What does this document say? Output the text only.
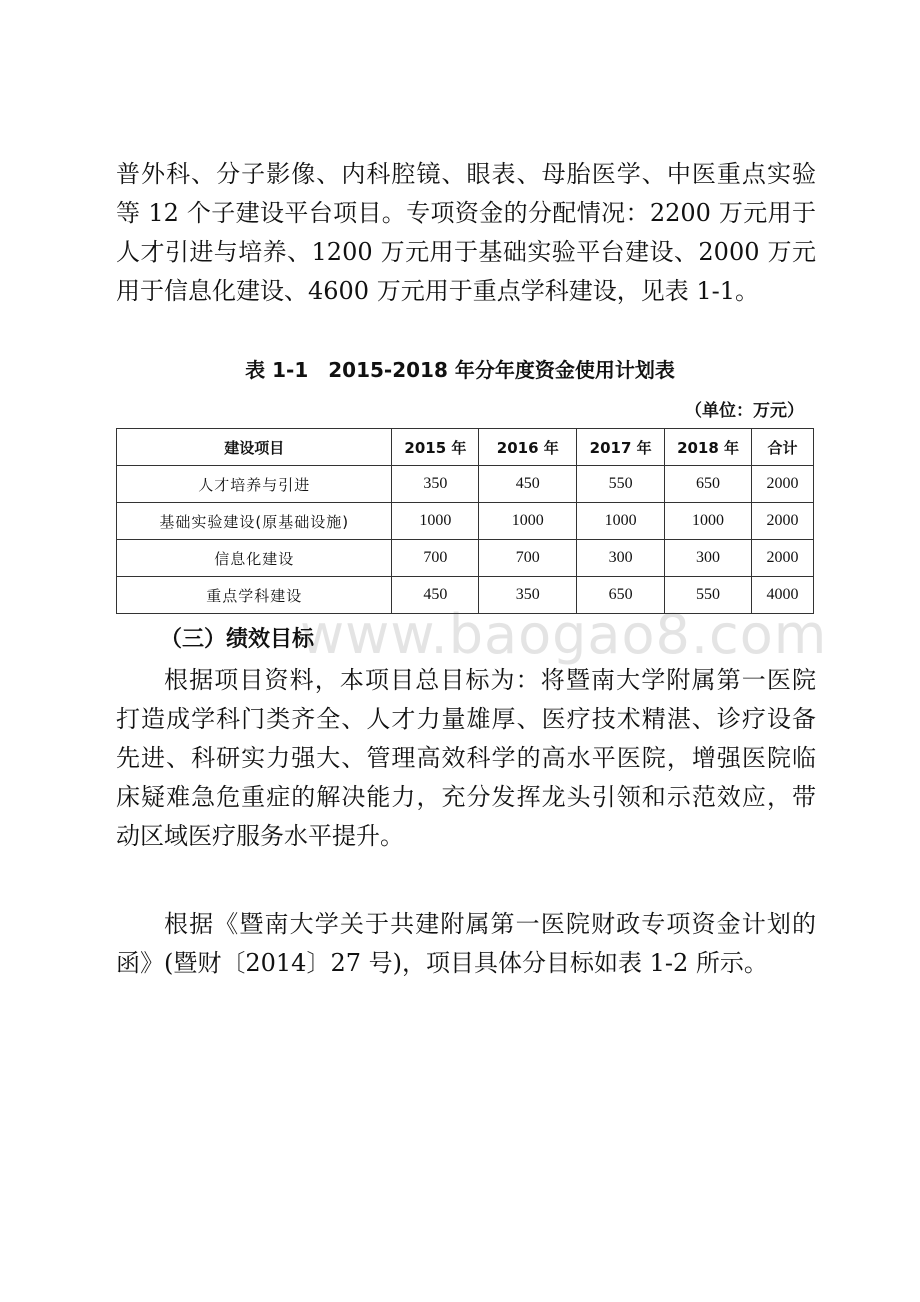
www.baogao8.com

普外科、分子影像、内科腔镜、眼表、母胎医学、中医重点实验

等 12 个子建设平台项目。专项资金的分配情况：2200 万元用于

人才引进与培养、1200 万元用于基础实验平台建设、2000 万元

用于信息化建设、4600 万元用于重点学科建设，见表 1-1。

表 1-1　2015-2018 年分年度资金使用计划表
（单位：万元）
建设项目	2015 年	2016 年	2017 年	2018 年	合计
人才培养与引进	350	450	550	650	2000
基础实验建设(原基础设施)	1000	1000	1000	1000	2000
信息化建设	700	700	300	300	2000
重点学科建设	450	350	650	550	4000
（三）绩效目标

根据项目资料，本项目总目标为：将暨南大学附属第一医院

打造成学科门类齐全、人才力量雄厚、医疗技术精湛、诊疗设备

先进、科研实力强大、管理高效科学的高水平医院，增强医院临

床疑难急危重症的解决能力，充分发挥龙头引领和示范效应，带

动区域医疗服务水平提升。

根据《暨南大学关于共建附属第一医院财政专项资金计划的

函》(暨财〔2014〕27 号)，项目具体分目标如表 1-2 所示。
